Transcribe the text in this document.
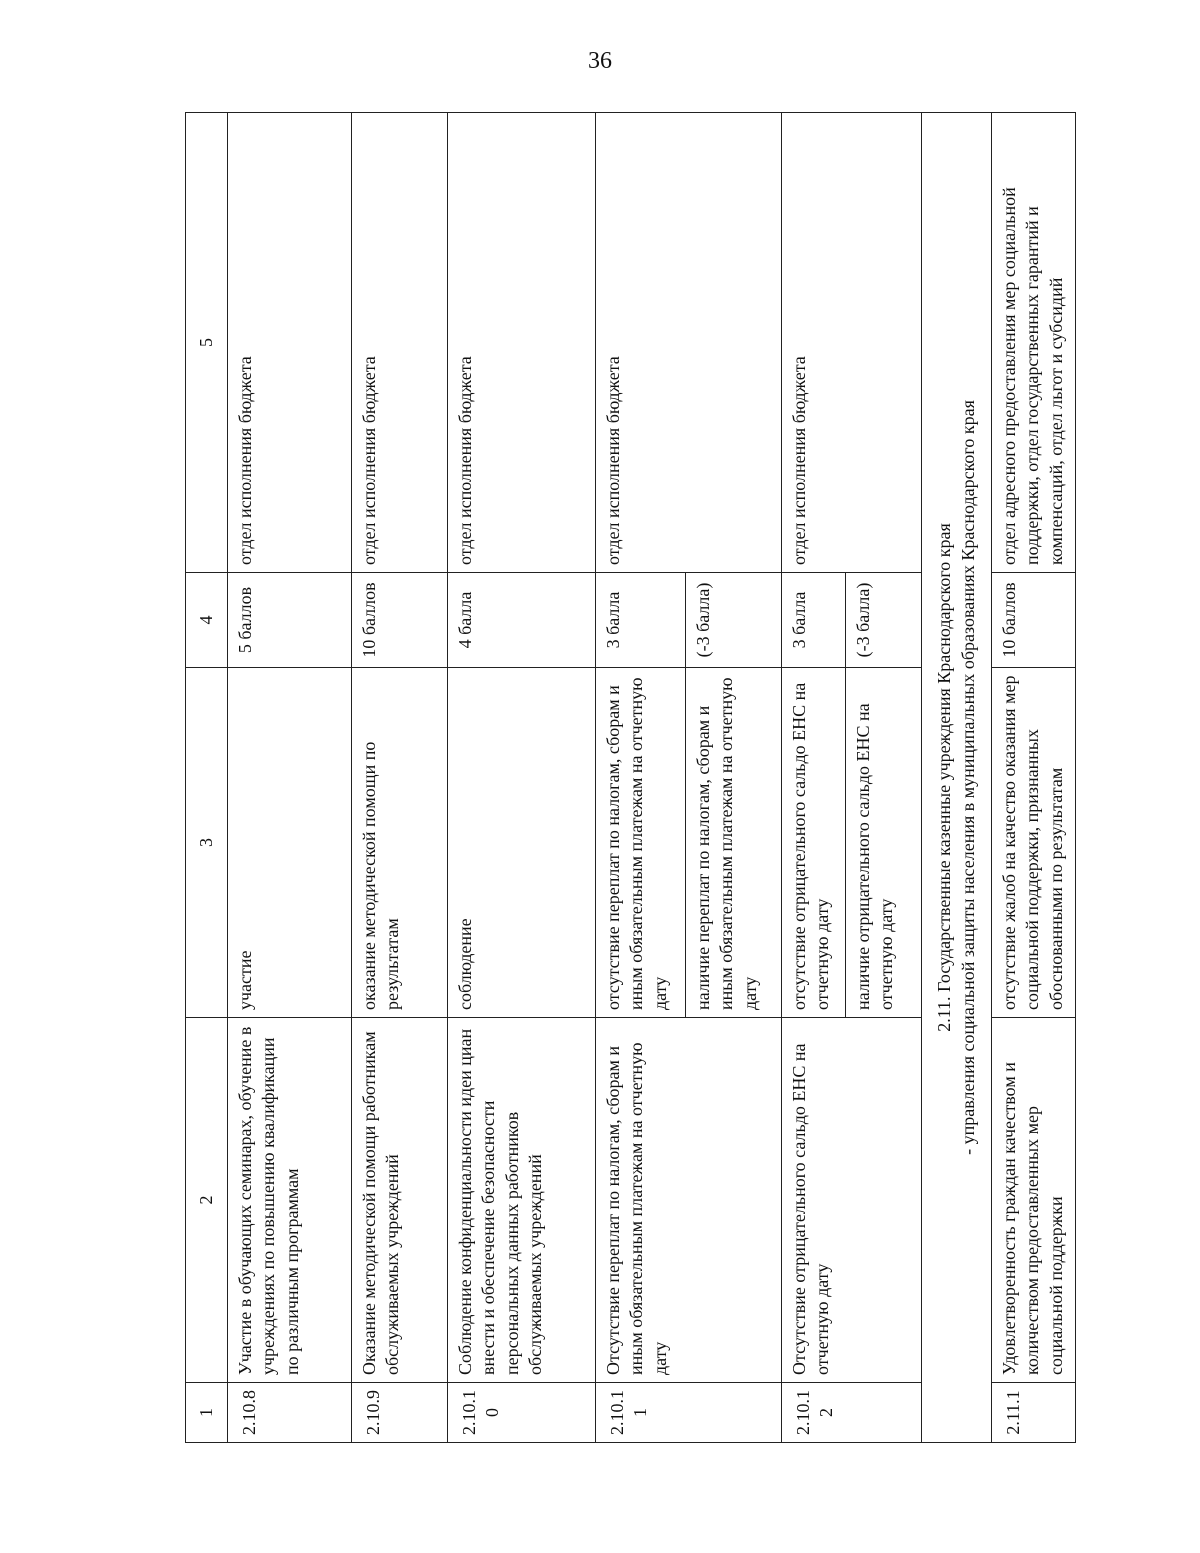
36
1	2	3	4	5
2.10.8	Участие в обучающих семинарах, обучение в учреждениях по повышению квалификации по различным программам	участие	5 баллов	отдел исполнения бюджета
2.10.9	Оказание методической помощи работникам обслуживаемых учреждений	оказание методической помощи по результатам	10 баллов	отдел исполнения бюджета
2.10.10	Соблюдение конфиденциальности идеи циан внести и обеспечение безопасности персональных данных работников обслуживаемых учреждений	соблюдение	4 балла	отдел исполнения бюджета
2.10.11	Отсутствие переплат по налогам, сборам и иным обязательным платежам на отчетную дату	отсутствие переплат по налогам, сборам и иным обязательным платежам на отчетную дату	3 балла	отдел исполнения бюджета
		наличие переплат по налогам, сборам и иным обязательным платежам на отчетную дату	(-3 балла)	
2.10.12	Отсутствие отрицательного сальдо ЕНС на отчетную дату	отсутствие отрицательного сальдо ЕНС на отчетную дату	3 балла	отдел исполнения бюджета
		наличие отрицательного сальдо ЕНС на отчетную дату	(-3 балла)	

2.11. Государственные казенные учреждения Краснодарского края - управления социальной защиты населения в муниципальных образованиях Краснодарского края				

2.11.1	Удовлетворенность граждан качеством и количеством предоставленных мер социальной поддержки	отсутствие жалоб на качество оказания мер социальной поддержки, признанных обоснованными по результатам	10 баллов	отдел адресного предоставления мер социальной поддержки, отдел государственных гарантий и компенсаций, отдел льгот и субсидий
